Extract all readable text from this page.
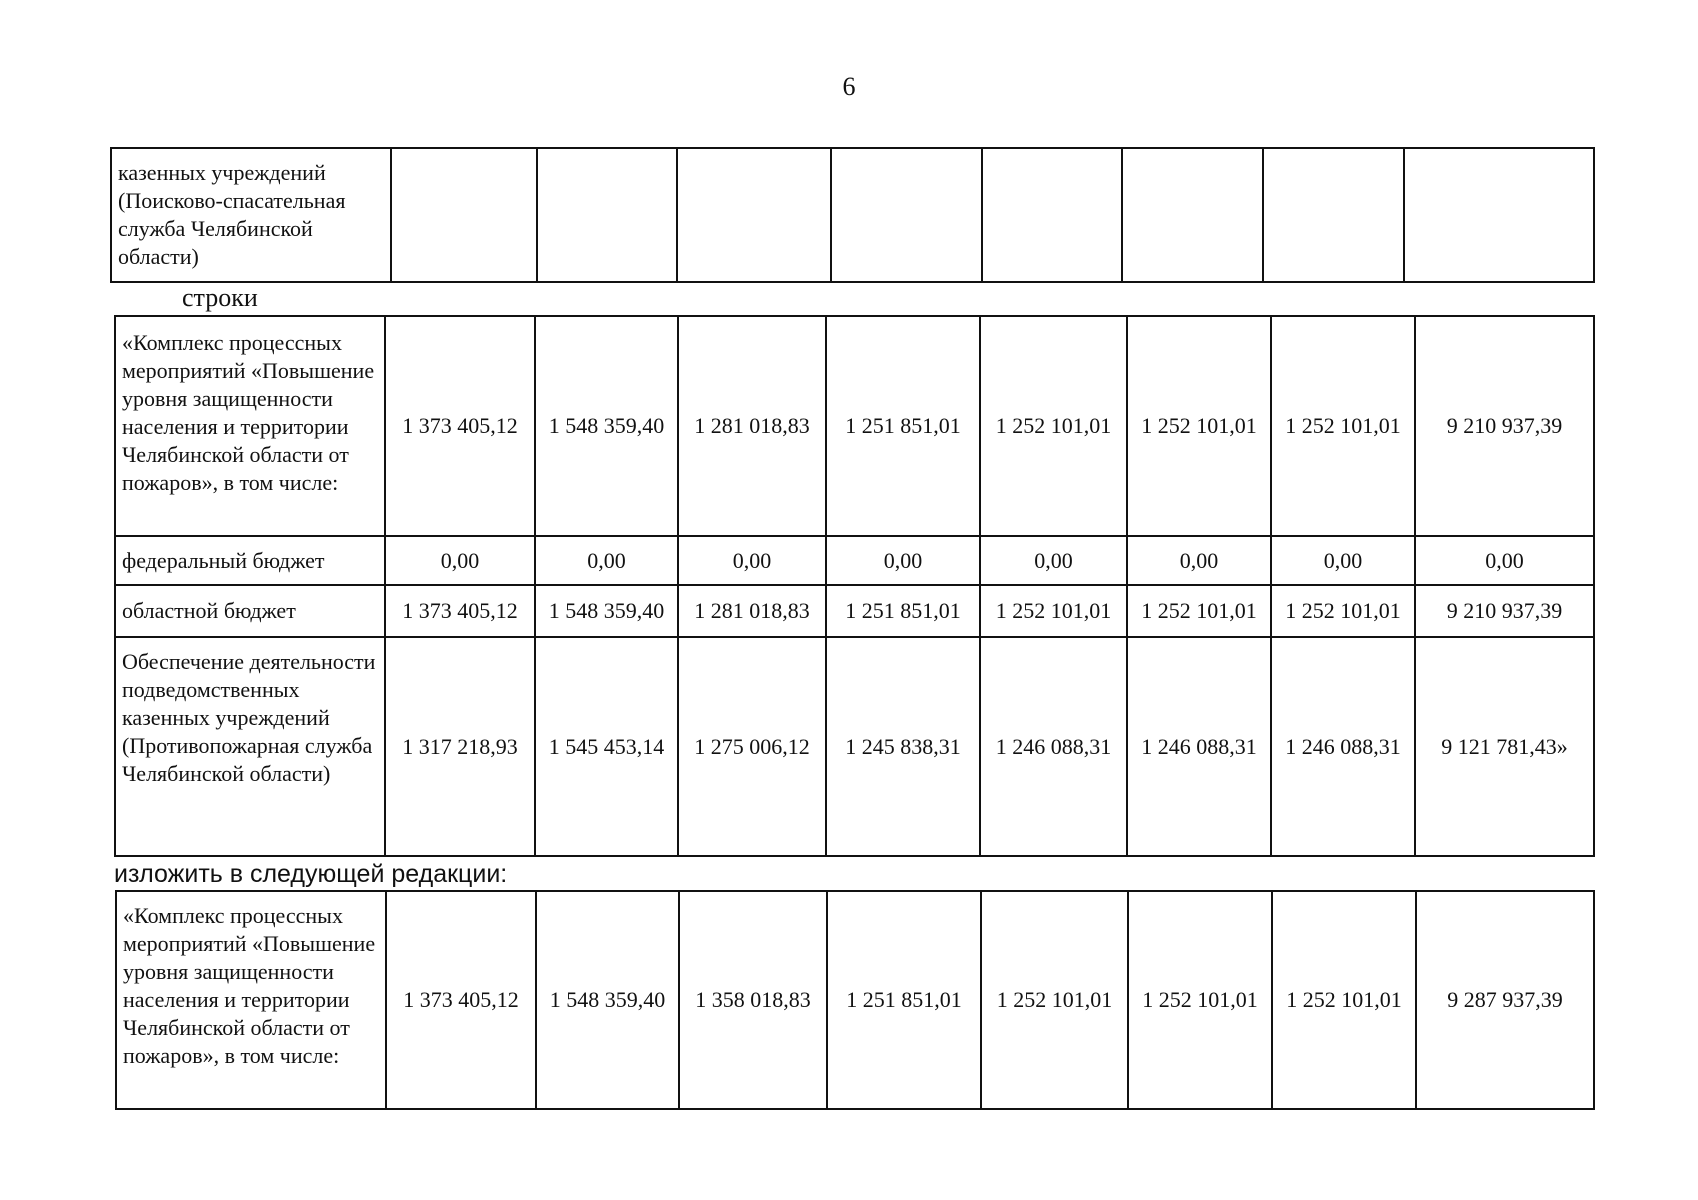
6
казенных учреждений (Поисково-спасательная служба Челябинской области)								
строки
«Комплекс процессных мероприятий «Повышение уровня защищенности населения и территории Челябинской области от пожаров», в том числе:	1 373 405,12	1 548 359,40	1 281 018,83	1 251 851,01	1 252 101,01	1 252 101,01	1 252 101,01	9 210 937,39
федеральный бюджет	0,00	0,00	0,00	0,00	0,00	0,00	0,00	0,00
областной бюджет	1 373 405,12	1 548 359,40	1 281 018,83	1 251 851,01	1 252 101,01	1 252 101,01	1 252 101,01	9 210 937,39
Обеспечение деятельности подведомственных казенных учреждений (Противопожарная служба Челябинской области)	1 317 218,93	1 545 453,14	1 275 006,12	1 245 838,31	1 246 088,31	1 246 088,31	1 246 088,31	9 121 781,43»
изложить в следующей редакции:
«Комплекс процессных мероприятий «Повышение уровня защищенности населения и территории Челябинской области от пожаров», в том числе:	1 373 405,12	1 548 359,40	1 358 018,83	1 251 851,01	1 252 101,01	1 252 101,01	1 252 101,01	9 287 937,39
